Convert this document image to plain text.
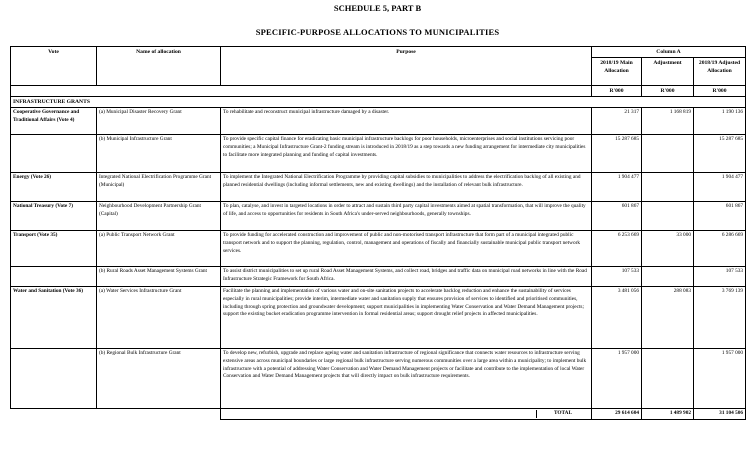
SCHEDULE 5, PART B
SPECIFIC-PURPOSE ALLOCATIONS TO MUNICIPALITIES
Vote	Name of allocation	Purpose	Column A		
			2018/19 Main Allocation	Adjustment	2018/19 Adjusted Allocation
			R'000	R'000	R'000
INFRASTRUCTURE GRANTS					
Cooperative Governance and Traditional Affairs (Vote 4)	(a) Municipal Disaster Recovery Grant	To rehabilitate and reconstruct municipal infrastructure damaged by a disaster.	21 317	1 168 819	1 190 136
	(b) Municipal Infrastructure Grant	To provide specific capital finance for eradicating basic municipal infrastructure backlogs for poor households, microenterprises and social institutions servicing poor communities; a Municipal Infrastructure Grant-2 funding stream is introduced in 2018/19 as a step towards a new funding arrangement for intermediate city municipalities to facilitate more integrated planning and funding of capital investments.	15 287 685		15 287 685
Energy (Vote 26)	Integrated National Electrification Programme Grant (Municipal)	To implement the Integrated National Electrification Programme by providing capital subsidies to municipalities to address the electrification backlog of all existing and planned residential dwellings (including informal settlements, new and existing dwellings) and the installation of relevant bulk infrastructure.	1 904 477		1 904 477
National Treasury (Vote 7)	Neighbourhood Development Partnership Grant (Capital)	To plan, catalyse, and invest in targeted locations in order to attract and sustain third party capital investments aimed at spatial transformation, that will improve the quality of life, and access to opportunities for residents in South Africa's under-served neighbourhoods, generally townships.	601 867		601 867
Transport (Vote 35)	(a) Public Transport Network Grant	To provide funding for accelerated construction and improvement of public and non-motorised transport infrastructure that form part of a municipal integrated public transport network and to support the planning, regulation, control, management and operations of fiscally and financially sustainable municipal public transport network services.	6 253 669	33 000	6 286 669
	(b) Rural Roads Asset Management Systems Grant	To assist district municipalities to set up rural Road Asset Management Systems, and collect road, bridges and traffic data on municipal road networks in line with the Road Infrastructure Strategic Framework for South Africa.	107 533		107 533
Water and Sanitation (Vote 36)	(a) Water Services Infrastructure Grant	Facilitate the planning and implementation of various water and on-site sanitation projects to accelerate backlog reduction and enhance the sustainability of services especially in rural municipalities; provide interim, intermediate water and sanitation supply that ensures provision of services to identified and prioritised communities, including through spring protection and groundwater development; support municipalities in implementing Water Conservation and Water Demand Management projects; support the existing bucket eradication programme intervention in formal residential areas; support drought relief projects in affected municipalities.	3 481 056	288 083	3 769 139
	(b) Regional Bulk Infrastructure Grant	To develop new, refurbish, upgrade and replace ageing water and sanitation infrastructure of regional significance that connects water resources to infrastructure serving extensive areas across municipal boundaries or large regional bulk infrastructure serving numerous communities over a large area within a municipality; to implement bulk infrastructure with a potential of addressing Water Conservation and Water Demand Management projects or facilitate and contribute to the implementation of local Water Conservation and Water Demand Management projects that will directly impact on bulk infrastructure requirements.	1 957 000		1 957 000
		TOTAL	29 614 604	1 489 902	31 104 506
